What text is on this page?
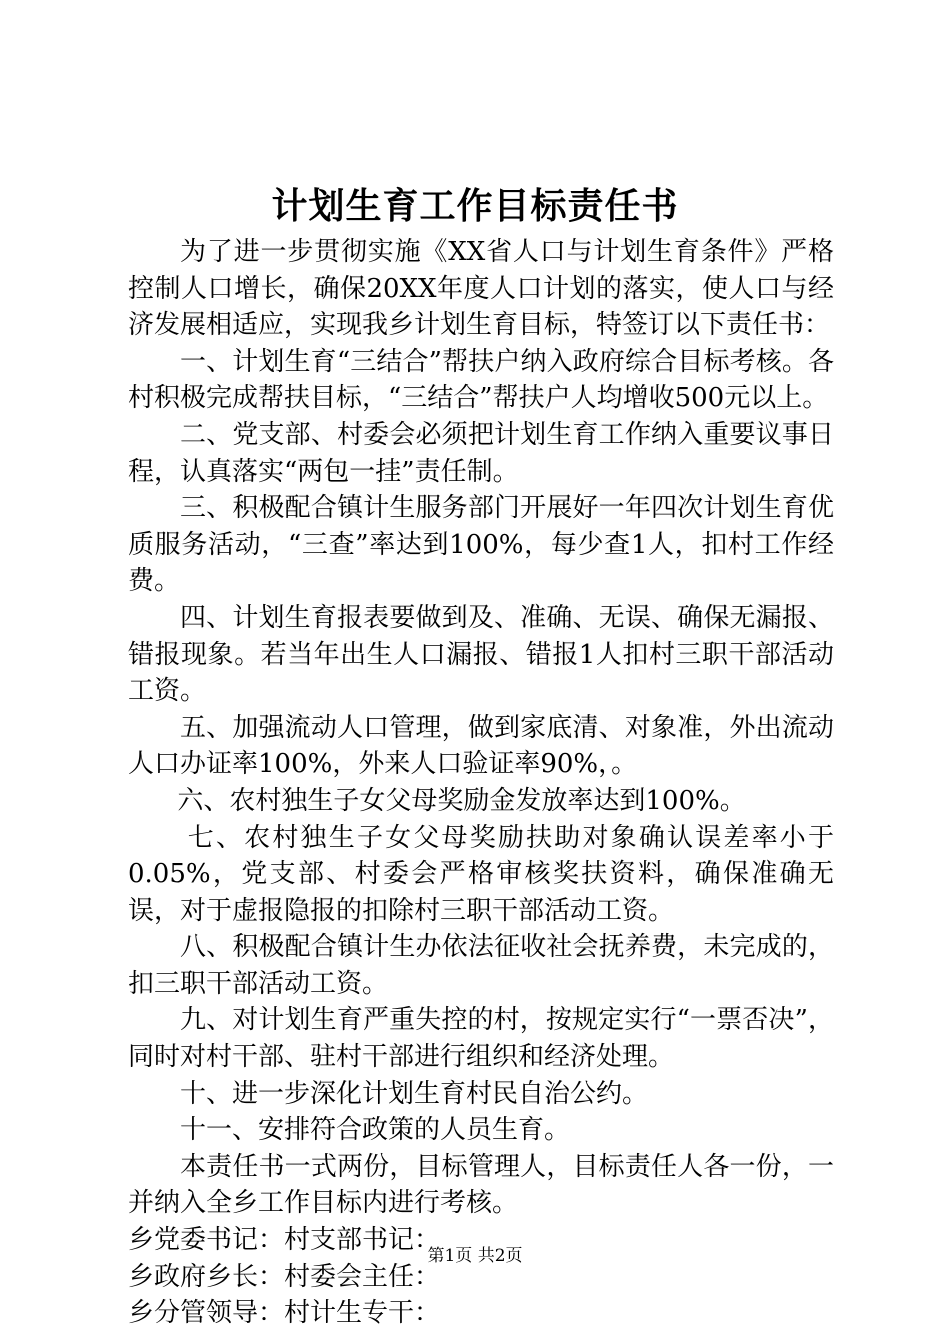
计划生育工作目标责任书

为了进一步贯彻实施《XX省人口与计划生育条件》严格控制人口增长，确保20XX年度人口计划的落实，使人口与经济发展相适应，实现我乡计划生育目标，特签订以下责任书：

一、计划生育“三结合”帮扶户纳入政府综合目标考核。各村积极完成帮扶目标，“三结合”帮扶户人均增收500元以上。

二、党支部、村委会必须把计划生育工作纳入重要议事日程，认真落实“两包一挂”责任制。

三、积极配合镇计生服务部门开展好一年四次计划生育优质服务活动，“三查”率达到100%，每少查1人，扣村工作经费。

四、计划生育报表要做到及、准确、无误、确保无漏报、错报现象。若当年出生人口漏报、错报1人扣村三职干部活动工资。

五、加强流动人口管理，做到家底清、对象准，外出流动人口办证率100%，外来人口验证率90%，。

六、农村独生子女父母奖励金发放率达到100%。

七、农村独生子女父母奖励扶助对象确认误差率小于0.05%，党支部、村委会严格审核奖扶资料，确保准确无误，对于虚报隐报的扣除村三职干部活动工资。

八、积极配合镇计生办依法征收社会抚养费，未完成的，扣三职干部活动工资。

九、对计划生育严重失控的村，按规定实行“一票否决”，同时对村干部、驻村干部进行组织和经济处理。

十、进一步深化计划生育村民自治公约。

十一、安排符合政策的人员生育。

本责任书一式两份，目标管理人，目标责任人各一份，一并纳入全乡工作目标内进行考核。

乡党委书记：村支部书记：

乡政府乡长：村委会主任：

乡分管领导：村计生专干：

第1页 共2页
